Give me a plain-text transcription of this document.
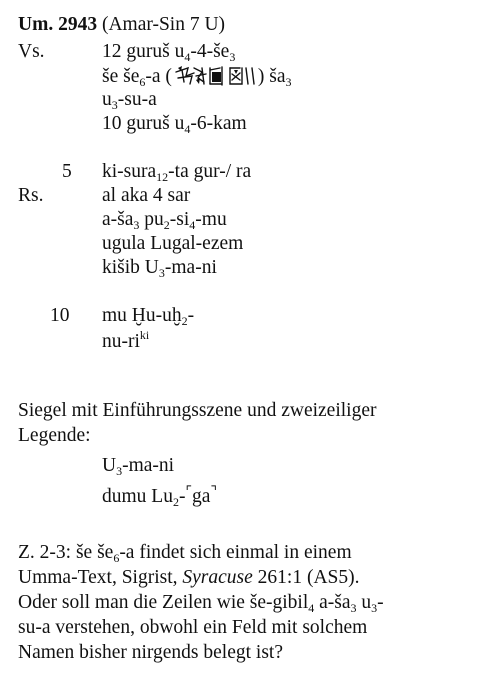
Um. 2943 (Amar-Sin 7 U)
Vs.
Rs.
5
10
12 guruš $u_4-4-še_3$
še $še_6-a$ (	) $ša_3$
$u_3-su-a$
10 guruš $u_4-6$-kam
ki-sura$_{12}$-ta gur-/ ra
al aka 4 sar
$a-ša_3$ $pu_2-si_4-mu$
ugula Lugal-ezem
kišib $U_3-ma-ni$
mu Ḫu-uḫ$_2$-
$nu-ri^{ki}$
Siegel mit Einführungsszene und zweizeiliger
Legende:
$U_3-ma-ni$
dumu $Lu_2-^⌜ga^⌝$
Z. 2-3: še $še_6-a$ findet sich einmal in einem
Umma-Text, Sigrist, Syracuse 261:1 (AS5).
Oder soll man die Zeilen wie še-gibil$_4$ $a-ša_3$ $u_3-$
su-a verstehen, obwohl ein Feld mit solchem
Namen bisher nirgends belegt ist?
